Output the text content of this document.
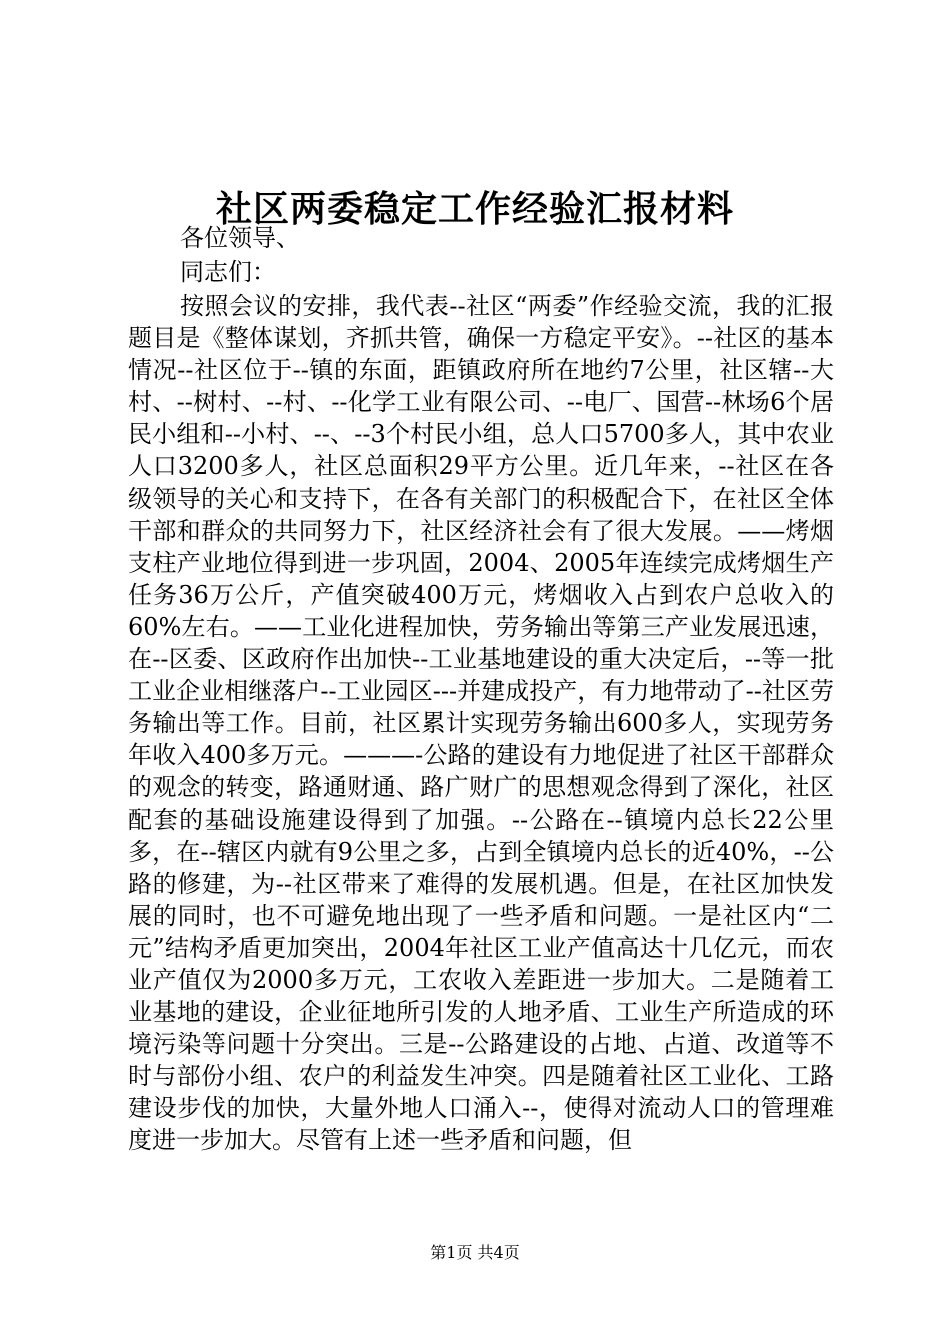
社区两委稳定工作经验汇报材料
各位领导、
同志们：

按照会议的安排，我代表--社区“两委”作经验交流，我的汇报题目是《整体谋划，齐抓共管，确保一方稳定平安》。--社区的基本情况--社区位于--镇的东面，距镇政府所在地约7公里，社区辖--大村、--树村、--村、--化学工业有限公司、--电厂、国营--林场6个居民小组和--小村、--、--3个村民小组，总人口5700多人，其中农业人口3200多人，社区总面积29平方公里。近几年来，--社区在各级领导的关心和支持下，在各有关部门的积极配合下，在社区全体干部和群众的共同努力下，社区经济社会有了很大发展。——烤烟支柱产业地位得到进一步巩固，2004、2005年连续完成烤烟生产任务36万公斤，产值突破400万元，烤烟收入占到农户总收入的60%左右。——工业化进程加快，劳务输出等第三产业发展迅速，在--区委、区政府作出加快--工业基地建设的重大决定后，--等一批工业企业相继落户--工业园区---并建成投产，有力地带动了--社区劳务输出等工作。目前，社区累计实现劳务输出600多人，实现劳务年收入400多万元。———-公路的建设有力地促进了社区干部群众的观念的转变，路通财通、路广财广的思想观念得到了深化，社区配套的基础设施建设得到了加强。--公路在--镇境内总长22公里多，在--辖区内就有9公里之多，占到全镇境内总长的近40%，--公路的修建，为--社区带来了难得的发展机遇。但是，在社区加快发展的同时，也不可避免地出现了一些矛盾和问题。一是社区内“二元”结构矛盾更加突出，2004年社区工业产值高达十几亿元，而农业产值仅为2000多万元，工农收入差距进一步加大。二是随着工业基地的建设，企业征地所引发的人地矛盾、工业生产所造成的环境污染等问题十分突出。三是--公路建设的占地、占道、改道等不时与部份小组、农户的利益发生冲突。四是随着社区工业化、工路建设步伐的加快，大量外地人口涌入--，使得对流动人口的管理难度进一步加大。尽管有上述一些矛盾和问题，但

第1页 共4页
